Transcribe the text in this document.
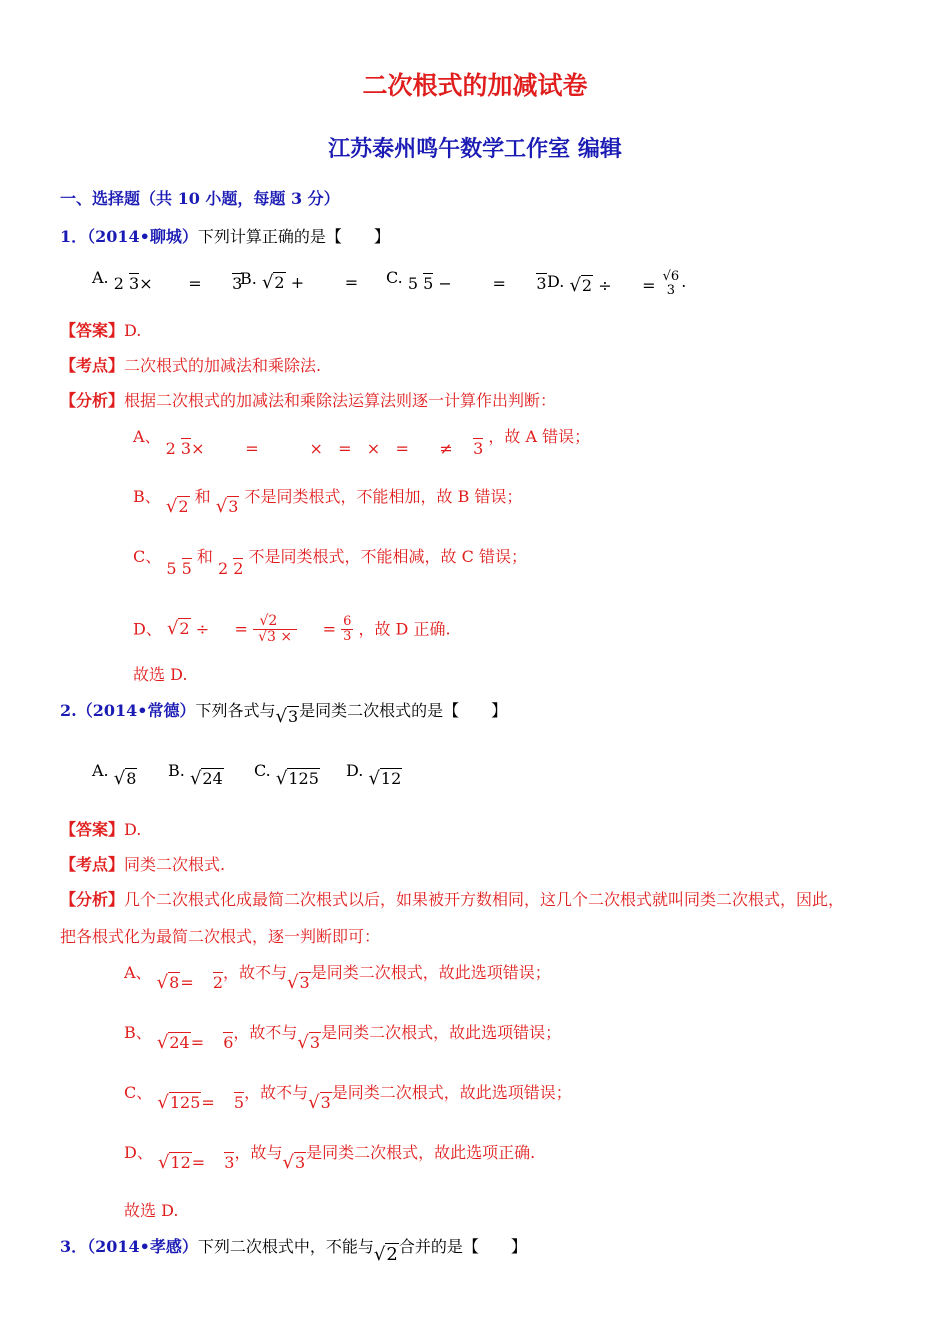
二次根式的加减试卷
江苏泰州鸣午数学工作室 编辑
一、选择题（共 10 小题，每题 3 分）
1．（2014•聊城）下列计算正确的是【　　】
A. 2 3×       =      3
B. √2 +        = C. 5 5 −        =      3 D. √2 ÷      = √6
3 .
【答案】D.
【考点】二次根式的加减法和乘除法.
【分析】根据二次根式的加减法和乘除法运算法则逐一计算作出判断：
A、 2 3×        =          ×   =   ×   =      ≠    3 ，故 A 错误；
B、 √2 和 √3 不是同类根式，不能相加，故 B 错误；
C、 5 5 和 2 2 不是同类根式，不能相减，故 C 错误；
D、 √2 ÷ = $\frac{√2}{√3 \times} = \frac{6}{3}$ ，故 D 正确.
故选 D.
2.（2014•常德）下列各式与√3是同类二次根式的是【　　】
A. √8 B. √24 C. √125 D. √12
【答案】D.
【考点】同类二次根式.
【分析】几个二次根式化成最简二次根式以后，如果被开方数相同，这几个二次根式就叫同类二次根式，因此，
把各根式化为最简二次根式，逐一判断即可：
A、 √8= 2，故不与√3是同类二次根式，故此选项错误；
B、 √24= 6，故不与√3是同类二次根式，故此选项错误；
C、 √125= 5，故不与√3是同类二次根式，故此选项错误；
D、 √12= 3，故与√3是同类二次根式，故此选项正确.
故选 D.
3．（2014•孝感）下列二次根式中，不能与√2合并的是【　　】
